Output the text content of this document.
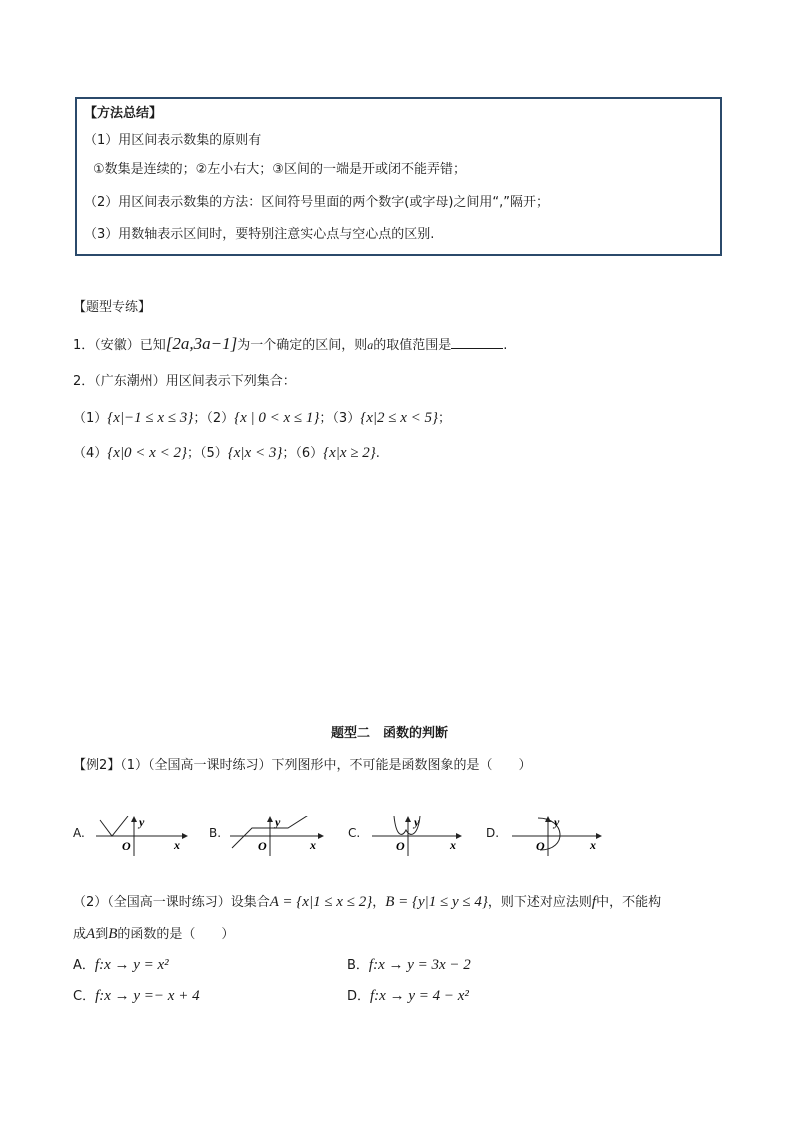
【方法总结】
（1）用区间表示数集的原则有
①数集是连续的；②左小右大；③区间的一端是开或闭不能弄错；
（2）用区间表示数集的方法：区间符号里面的两个数字(或字母)之间用“,”隔开；
（3）用数轴表示区间时，要特别注意实心点与空心点的区别.
【题型专练】
1．（安徽）已知[2a,3a−1]为一个确定的区间，则a的取值范围是	.
2．（广东潮州）用区间表示下列集合：
（1）{x|−1 ≤ x ≤ 3}；（2）{x | 0 < x ≤ 1}；（3）{x|2 ≤ x < 5}；
（4）{x|0 < x < 2}；（5）{x|x < 3}；（6）{x|x ≥ 2}.
题型二　函数的判断
【例2】（1）（全国高一课时练习）下列图形中，不可能是函数图象的是（　　）
A.	B.	C.	D.
y
x
O
y
x
O
y
x
O
y
x
O
（2）（全国高一课时练习）设集合A = {x|1 ≤ x ≤ 2}，B = {y|1 ≤ y ≤ 4}，则下述对应法则f中，不能构
成A到B的函数的是（　　）
A．f:x → y = x²	B．f:x → y = 3x − 2
C．f:x → y =− x + 4	D．f:x → y = 4 − x²
